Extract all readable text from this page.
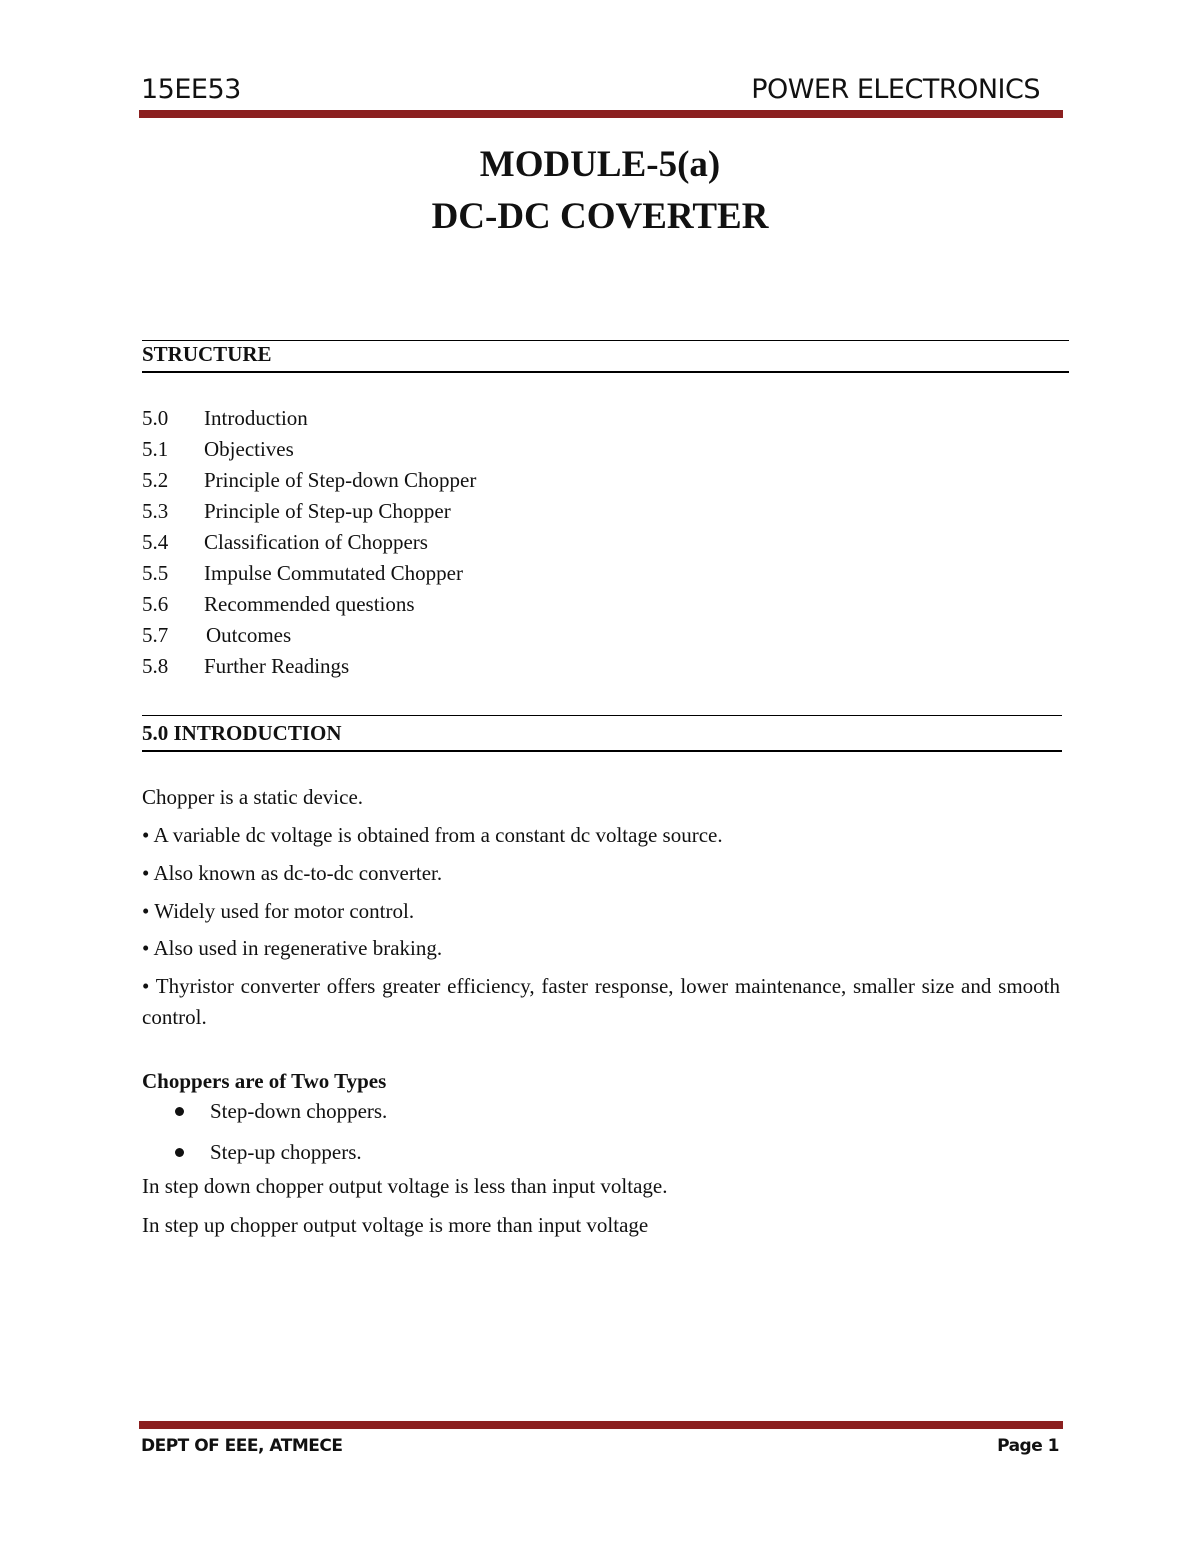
15EE53	POWER ELECTRONICS
MODULE-5(a)
DC-DC COVERTER
STRUCTURE
5.0 Introduction
5.1 Objectives
5.2 Principle of Step-down Chopper
5.3 Principle of Step-up Chopper
5.4 Classification of Choppers
5.5 Impulse Commutated Chopper
5.6 Recommended questions
5.7 Outcomes
5.8 Further Readings
5.0 INTRODUCTION
Chopper is a static device.
• A variable dc voltage is obtained from a constant dc voltage source.
• Also known as dc-to-dc converter.
• Widely used for motor control.
• Also used in regenerative braking.
• Thyristor converter offers greater efficiency, faster response, lower maintenance, smaller size and smooth control.
Choppers are of Two Types
Step-down choppers.
Step-up choppers.
In step down chopper output voltage is less than input voltage.
In step up chopper output voltage is more than input voltage
DEPT OF EEE, ATMECE	Page 1
